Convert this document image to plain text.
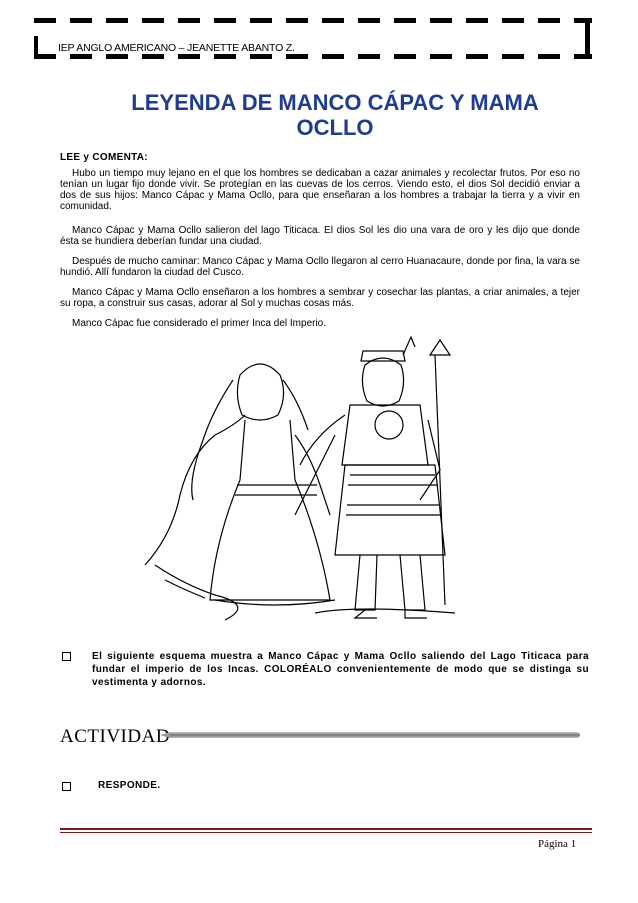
IEP ANGLO AMERICANO – JEANETTE ABANTO Z.
LEYENDA DE MANCO CÁPAC Y MAMA
OCLLO
LEE y COMENTA:
Hubo un tiempo muy lejano en el que los hombres se dedicaban a cazar animales y recolectar frutos. Por eso no tenían un lugar fijo donde vivir. Se protegían en las cuevas de los cerros. Viendo esto, el dios Sol decidió enviar a dos de sus hijos: Manco Cápac y Mama Ocllo, para que enseñaran a los hombres a trabajar la tierra y a vivir en comunidad.
Manco Cápac y Mama Ocllo salieron del lago Titicaca. El dios Sol les dio una vara de oro y les dijo que donde ésta se hundiera deberían fundar una ciudad.
Después de mucho caminar: Manco Cápac y Mama Ocllo llegaron al cerro Huanacaure, donde por fina, la vara se hundió. Allí fundaron la ciudad del Cusco.
Manco Cápac y Mama Ocllo enseñaron a los hombres a sembrar y cosechar las plantas, a criar animales, a tejer su ropa, a construir sus casas, adorar al Sol y muchas cosas más.
Manco Cápac fue considerado el primer Inca del Imperio.
El siguiente esquema muestra a Manco Cápac y Mama Ocllo saliendo del Lago Titicaca para fundar el imperio de los Incas. COLORÉALO convenientemente de modo que se distinga su vestimenta y adornos.
ACTIVIDAD
RESPONDE.
Página 1
